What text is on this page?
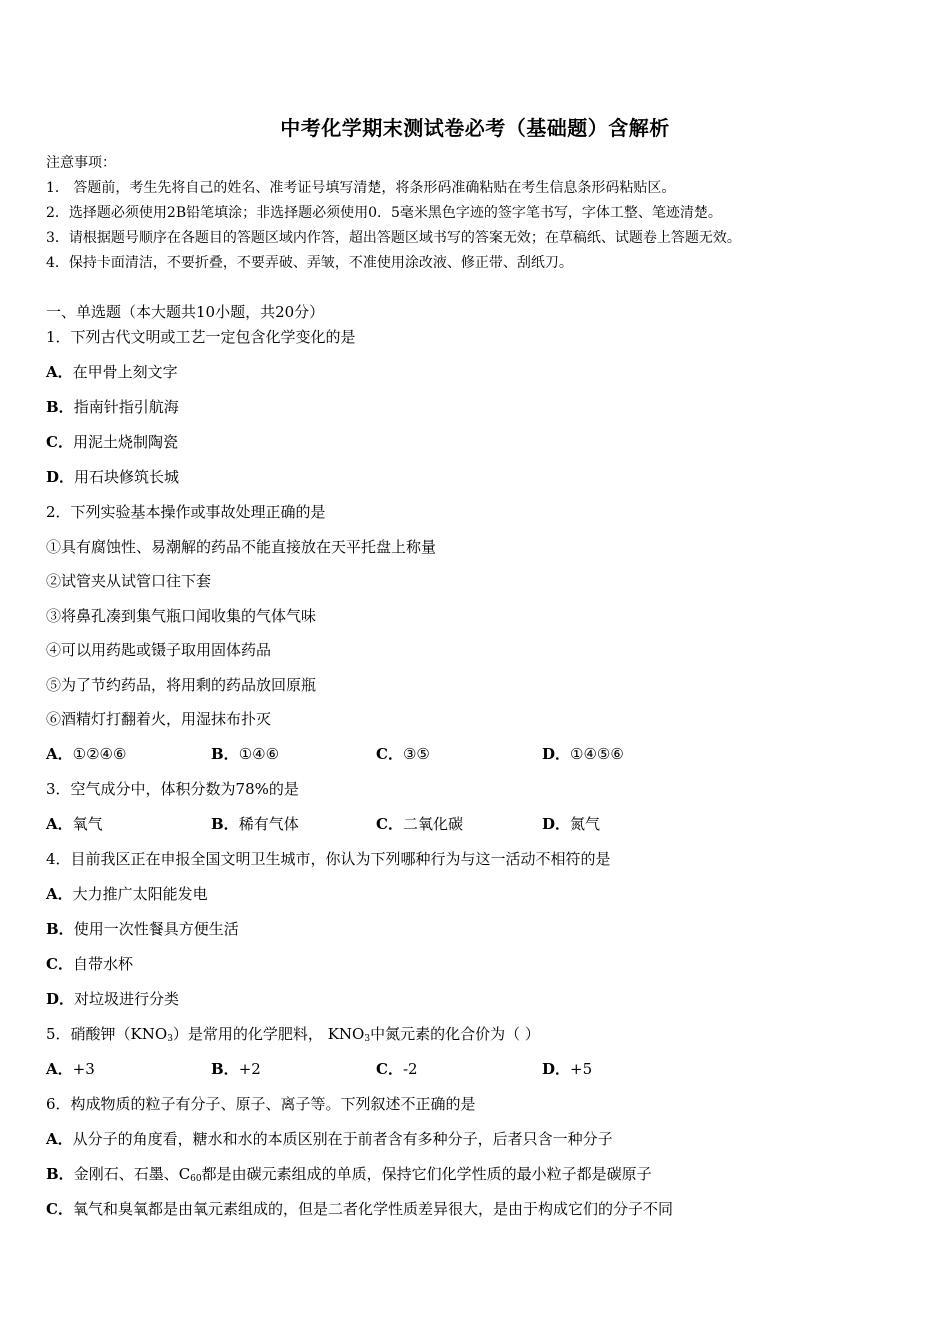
中考化学期末测试卷必考（基础题）含解析
注意事项：
1． 答题前，考生先将自己的姓名、准考证号填写清楚，将条形码准确粘贴在考生信息条形码粘贴区。
2．选择题必须使用2B铅笔填涂；非选择题必须使用0．5毫米黑色字迹的签字笔书写，字体工整、笔迹清楚。
3．请根据题号顺序在各题目的答题区域内作答，超出答题区域书写的答案无效；在草稿纸、试题卷上答题无效。
4．保持卡面清洁，不要折叠，不要弄破、弄皱，不准使用涂改液、修正带、刮纸刀。
一、单选题（本大题共10小题，共20分）
1．下列古代文明或工艺一定包含化学变化的是
A．在甲骨上刻文字
B．指南针指引航海
C．用泥土烧制陶瓷
D．用石块修筑长城
2．下列实验基本操作或事故处理正确的是
①具有腐蚀性、易潮解的药品不能直接放在天平托盘上称量
②试管夹从试管口往下套
③将鼻孔凑到集气瓶口闻收集的气体气味
④可以用药匙或镊子取用固体药品
⑤为了节约药品，将用剩的药品放回原瓶
⑥酒精灯打翻着火，用湿抹布扑灭
A．①②④⑥	B．①④⑥	C．③⑤	D．①④⑤⑥
3．空气成分中，体积分数为78%的是
A．氧气	B．稀有气体	C．二氧化碳	D．氮气
4．目前我区正在申报全国文明卫生城市，你认为下列哪种行为与这一活动不相符的是
A．大力推广太阳能发电
B．使用一次性餐具方便生活
C．自带水杯
D．对垃圾进行分类
5．硝酸钾$(KNO_3)$是常用的化学肥料， $KNO_3$中氮元素的化合价为（ ）
A．+3	B．+2	C．-2	D．+5
6．构成物质的粒子有分子、原子、离子等。下列叙述不正确的是
A．从分子的角度看，糖水和水的本质区别在于前者含有多种分子，后者只含一种分子
B．金刚石、石墨、$C_{60}$都是由碳元素组成的单质，保持它们化学性质的最小粒子都是碳原子
C．氧气和臭氧都是由氧元素组成的，但是二者化学性质差异很大，是由于构成它们的分子不同
